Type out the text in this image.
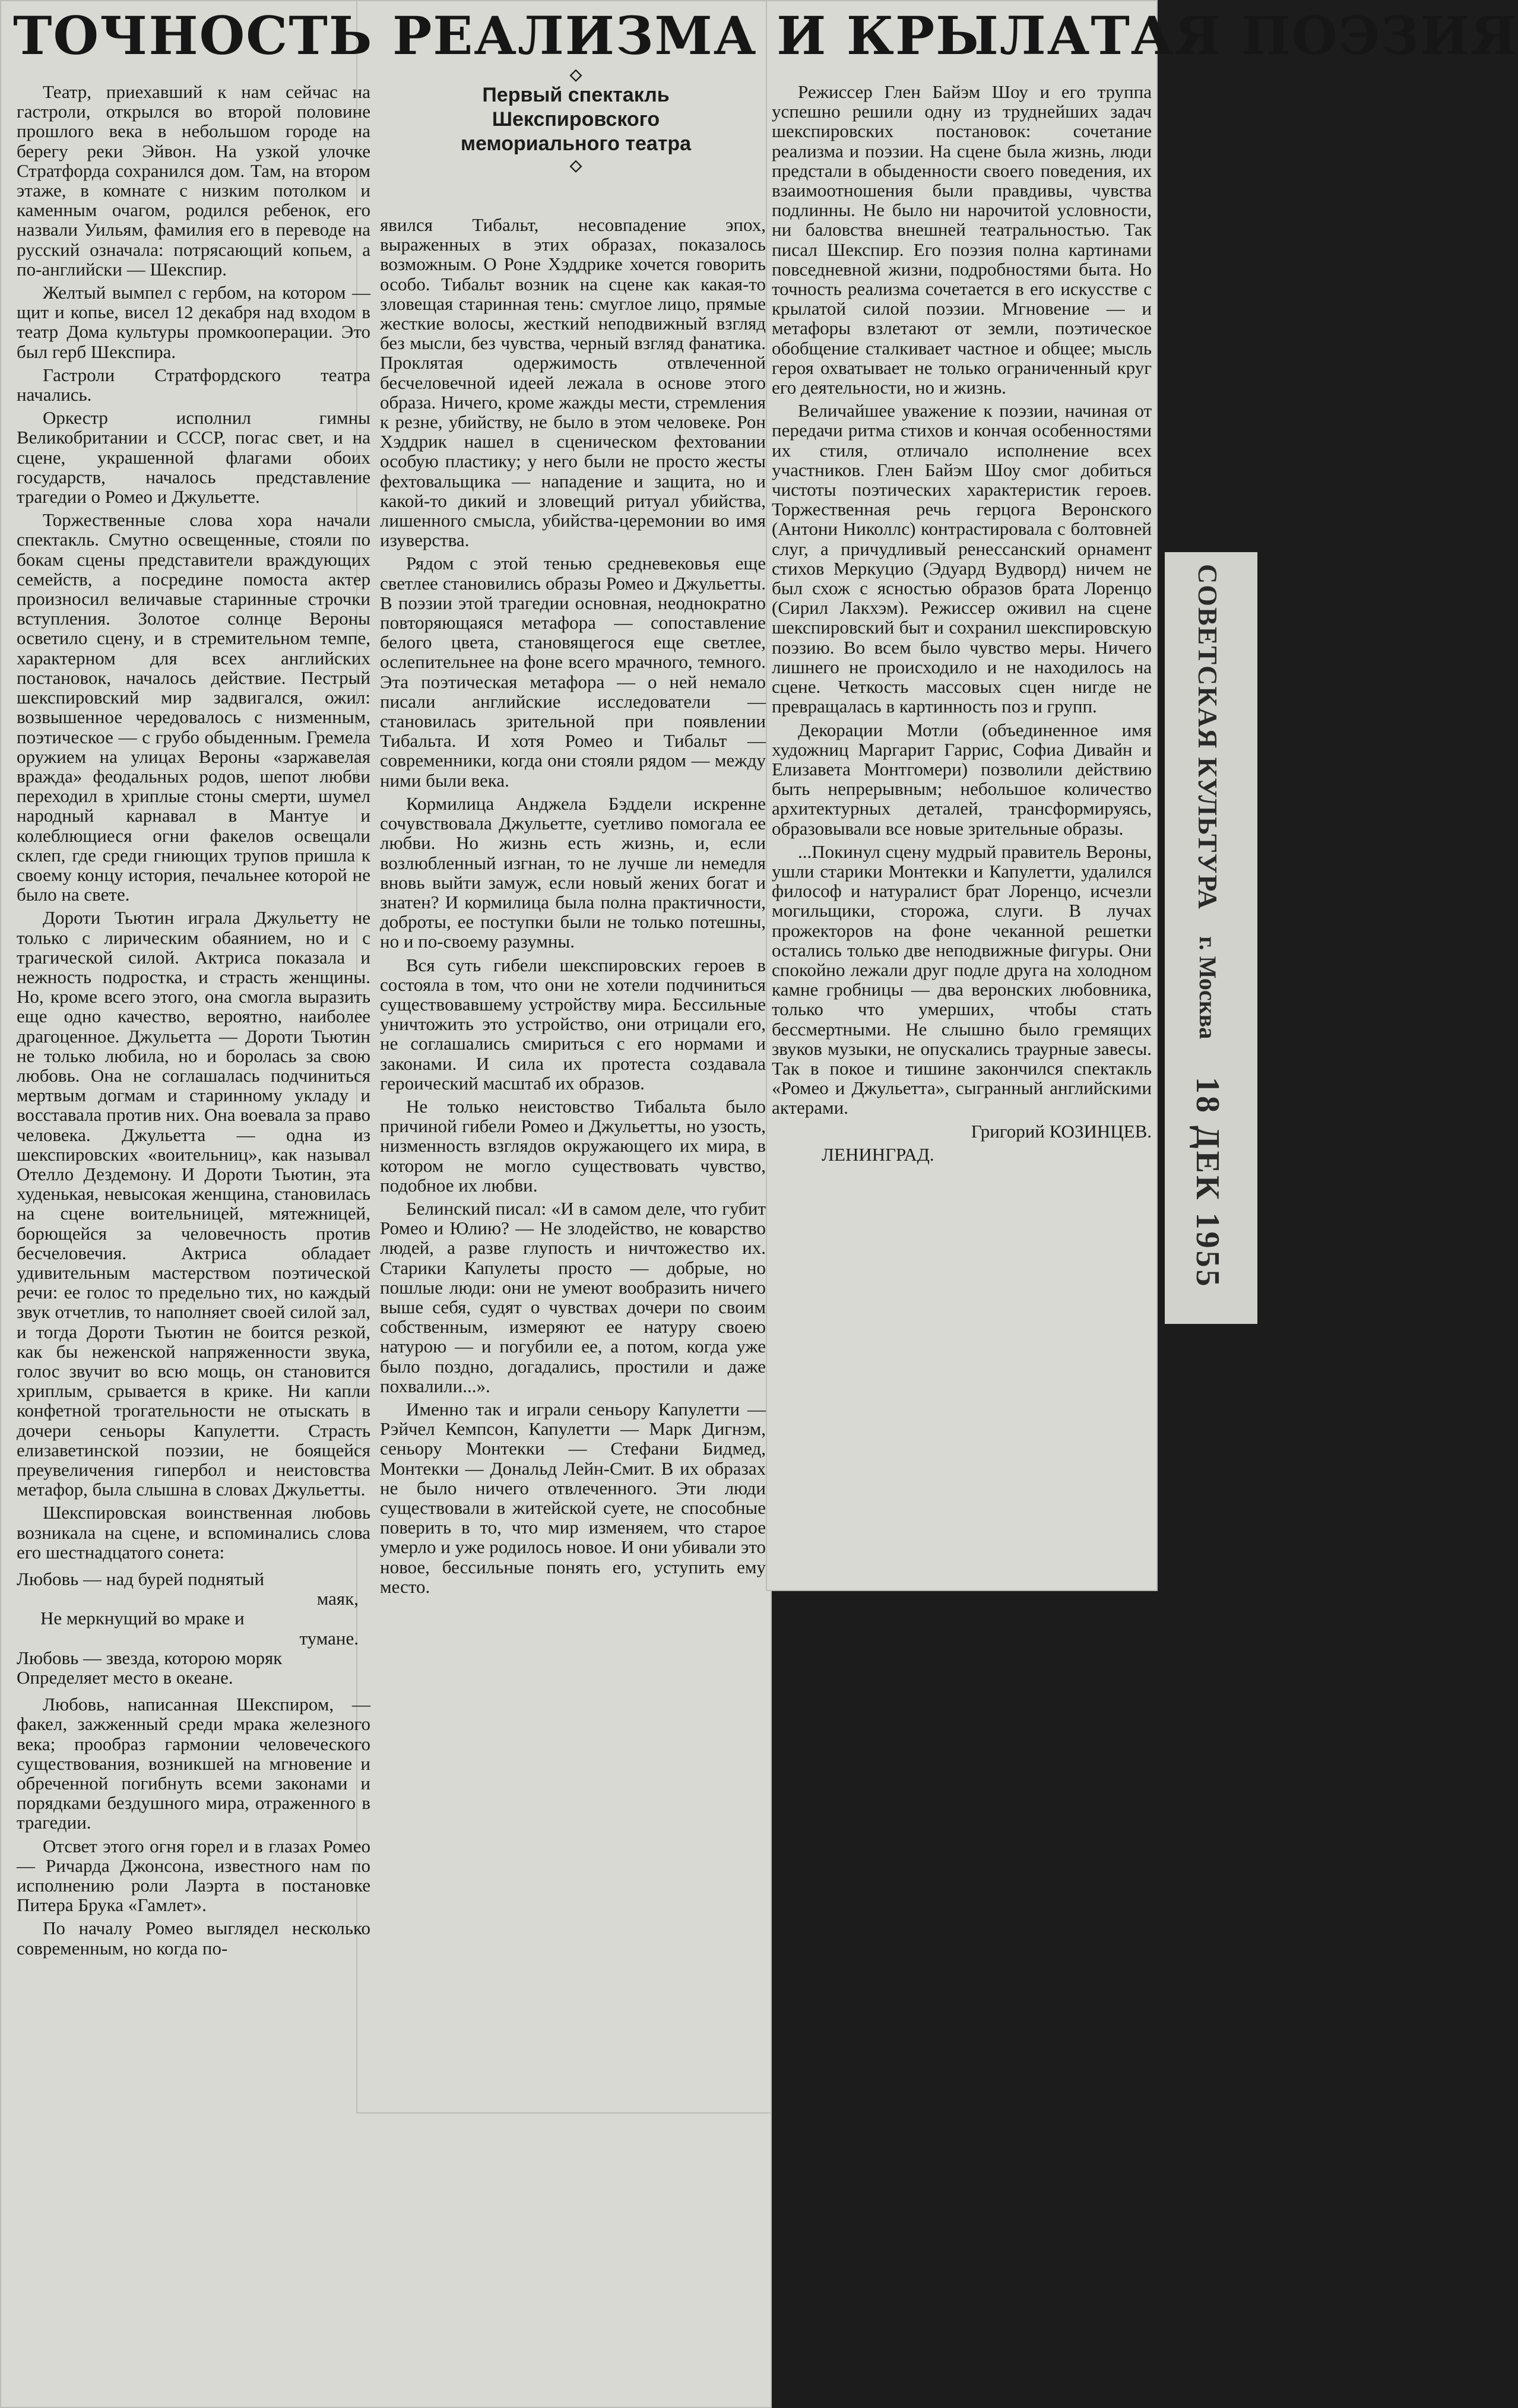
ТОЧНОСТЬ РЕАЛИЗМА И КРЫЛАТАЯ ПОЭЗИЯ
◇
Первый спектакль
Шекспировского
мемориального театра
◇

Театр, приехавший к нам сейчас на гастроли, открылся во второй половине прошлого века в небольшом городе на берегу реки Эйвон. На узкой улочке Стратфорда сохранился дом. Там, на втором этаже, в комнате с низким потолком и каменным очагом, родился ребенок, его назвали Уильям, фамилия его в переводе на русский означала: потрясающий копьем, а по-английски — Шекспир.

Желтый вымпел с гербом, на котором — щит и копье, висел 12 декабря над входом в театр Дома культуры промкооперации. Это был герб Шекспира.

Гастроли Стратфордского театра начались.

Оркестр исполнил гимны Великобритании и СССР, погас свет, и на сцене, украшенной флагами обоих государств, началось представление трагедии о Ромео и Джульетте.

Торжественные слова хора начали спектакль. Смутно освещенные, стояли по бокам сцены представители враждующих семейств, а посредине помоста актер произносил величавые старинные строчки вступления. Золотое солнце Вероны осветило сцену, и в стремительном темпе, характерном для всех английских постановок, началось действие. Пестрый шекспировский мир задвигался, ожил: возвышенное чередовалось с низменным, поэтическое — с грубо обыденным. Гремела оружием на улицах Вероны «заржавелая вражда» феодальных родов, шепот любви переходил в хриплые стоны смерти, шумел народный карнавал в Мантуе и колеблющиеся огни факелов освещали склеп, где среди гниющих трупов пришла к своему концу история, печальнее которой не было на свете.

Дороти Тьютин играла Джульетту не только с лирическим обаянием, но и с трагической силой. Актриса показала и нежность подростка, и страсть женщины. Но, кроме всего этого, она смогла выразить еще одно качество, вероятно, наиболее драгоценное. Джульетта — Дороти Тьютин не только любила, но и боролась за свою любовь. Она не соглашалась подчиниться мертвым догмам и старинному укладу и восставала против них. Она воевала за право человека. Джульетта — одна из шекспировских «воительниц», как называл Отелло Дездемону. И Дороти Тьютин, эта худенькая, невысокая женщина, становилась на сцене воительницей, мятежницей, борющейся за человечность против бесчеловечия. Актриса обладает удивительным мастерством поэтической речи: ее голос то предельно тих, но каждый звук отчетлив, то наполняет своей силой зал, и тогда Дороти Тьютин не боится резкой, как бы неженской напряженности звука, голос звучит во всю мощь, он становится хриплым, срывается в крике. Ни капли конфетной трогательности не отыскать в дочери сеньоры Капулетти. Страсть елизаветинской поэзии, не боящейся преувеличения гипербол и неистовства метафор, была слышна в словах Джульетты.

Шекспировская воинственная любовь возникала на сцене, и вспоминались слова его шестнадцатого сонета:

Любовь — над бурей поднятый
маяк,
Не меркнущий во мраке и
тумане.
Любовь — звезда, которою моряк
Определяет место в океане.

Любовь, написанная Шекспиром, — факел, зажженный среди мрака железного века; прообраз гармонии человеческого существования, возникшей на мгновение и обреченной погибнуть всеми законами и порядками бездушного мира, отраженного в трагедии.

Отсвет этого огня горел и в глазах Ромео — Ричарда Джонсона, известного нам по исполнению роли Лаэрта в постановке Питера Брука «Гамлет».

По началу Ромео выглядел несколько современным, но когда по-

явился Тибальт, несовпадение эпох, выраженных в этих образах, показалось возможным. О Роне Хэддрике хочется говорить особо. Тибальт возник на сцене как какая-то зловещая старинная тень: смуглое лицо, прямые жесткие волосы, жесткий неподвижный взгляд без мысли, без чувства, черный взгляд фанатика. Проклятая одержимость отвлеченной бесчеловечной идеей лежала в основе этого образа. Ничего, кроме жажды мести, стремления к резне, убийству, не было в этом человеке. Рон Хэддрик нашел в сценическом фехтовании особую пластику; у него были не просто жесты фехтовальщика — нападение и защита, но и какой-то дикий и зловещий ритуал убийства, лишенного смысла, убийства-церемонии во имя изуверства.

Рядом с этой тенью средневековья еще светлее становились образы Ромео и Джульетты. В поэзии этой трагедии основная, неоднократно повторяющаяся метафора — сопоставление белого цвета, становящегося еще светлее, ослепительнее на фоне всего мрачного, темного. Эта поэтическая метафора — о ней немало писали английские исследователи — становилась зрительной при появлении Тибальта. И хотя Ромео и Тибальт — современники, когда они стояли рядом — между ними были века.

Кормилица Анджела Бэддели искренне сочувствовала Джульетте, суетливо помогала ее любви. Но жизнь есть жизнь, и, если возлюбленный изгнан, то не лучше ли немедля вновь выйти замуж, если новый жених богат и знатен? И кормилица была полна практичности, доброты, ее поступки были не только потешны, но и по-своему разумны.

Вся суть гибели шекспировских героев в состояла в том, что они не хотели подчиниться существовавшему устройству мира. Бессильные уничтожить это устройство, они отрицали его, не соглашались смириться с его нормами и законами. И сила их протеста создавала героический масштаб их образов.

Не только неистовство Тибальта было причиной гибели Ромео и Джульетты, но узость, низменность взглядов окружающего их мира, в котором не могло существовать чувство, подобное их любви.

Белинский писал: «И в самом деле, что губит Ромео и Юлию? — Не злодейство, не коварство людей, а разве глупость и ничтожество их. Старики Капулеты просто — добрые, но пошлые люди: они не умеют вообразить ничего выше себя, судят о чувствах дочери по своим собственным, измеряют ее натуру своею натурою — и погубили ее, а потом, когда уже было поздно, догадались, простили и даже похвалили...».

Именно так и играли сеньору Капулетти — Рэйчел Кемпсон, Капулетти — Марк Дигнэм, сеньору Монтекки — Стефани Бидмед, Монтекки — Дональд Лейн-Смит. В их образах не было ничего отвлеченного. Эти люди существовали в житейской суете, не способные поверить в то, что мир изменяем, что старое умерло и уже родилось новое. И они убивали это новое, бессильные понять его, уступить ему место.

Режиссер Глен Байэм Шоу и его труппа успешно решили одну из труднейших задач шекспировских постановок: сочетание реализма и поэзии. На сцене была жизнь, люди предстали в обыденности своего поведения, их взаимоотношения были правдивы, чувства подлинны. Не было ни нарочитой условности, ни баловства внешней театральностью. Так писал Шекспир. Его поэзия полна картинами повседневной жизни, подробностями быта. Но точность реализма сочетается в его искусстве с крылатой силой поэзии. Мгновение — и метафоры взлетают от земли, поэтическое обобщение сталкивает частное и общее; мысль героя охватывает не только ограниченный круг его деятельности, но и жизнь.

Величайшее уважение к поэзии, начиная от передачи ритма стихов и кончая особенностями их стиля, отличало исполнение всех участников. Глен Байэм Шоу смог добиться чистоты поэтических характеристик героев. Торжественная речь герцога Веронского (Антони Николлс) контрастировала с болтовней слуг, а причудливый ренессанский орнамент стихов Меркуцио (Эдуард Вудворд) ничем не был схож с ясностью образов брата Лоренцо (Сирил Лакхэм). Режиссер оживил на сцене шекспировский быт и сохранил шекспировскую поэзию. Во всем было чувство меры. Ничего лишнего не происходило и не находилось на сцене. Четкость массовых сцен нигде не превращалась в картинность поз и групп.

Декорации Мотли (объединенное имя художниц Маргарит Гаррис, Софиа Дивайн и Елизавета Монтгомери) позволили действию быть непрерывным; небольшое количество архитектурных деталей, трансформируясь, образовывали все новые зрительные образы.

...Покинул сцену мудрый правитель Вероны, ушли старики Монтекки и Капулетти, удалился философ и натуралист брат Лоренцо, исчезли могильщики, сторожа, слуги. В лучах прожекторов на фоне чеканной решетки остались только две неподвижные фигуры. Они спокойно лежали друг подле друга на холодном камне гробницы — два веронских любовника, только что умерших, чтобы стать бессмертными. Не слышно было гремящих звуков музыки, не опускались траурные завесы. Так в покое и тишине закончился спектакль «Ромео и Джульетта», сыгранный английскими актерами.

Григорий КОЗИНЦЕВ.

ЛЕНИНГРАД.

СОВЕТСКАЯ КУЛЬТУРА г. Москва 18 ДЕК 1955
